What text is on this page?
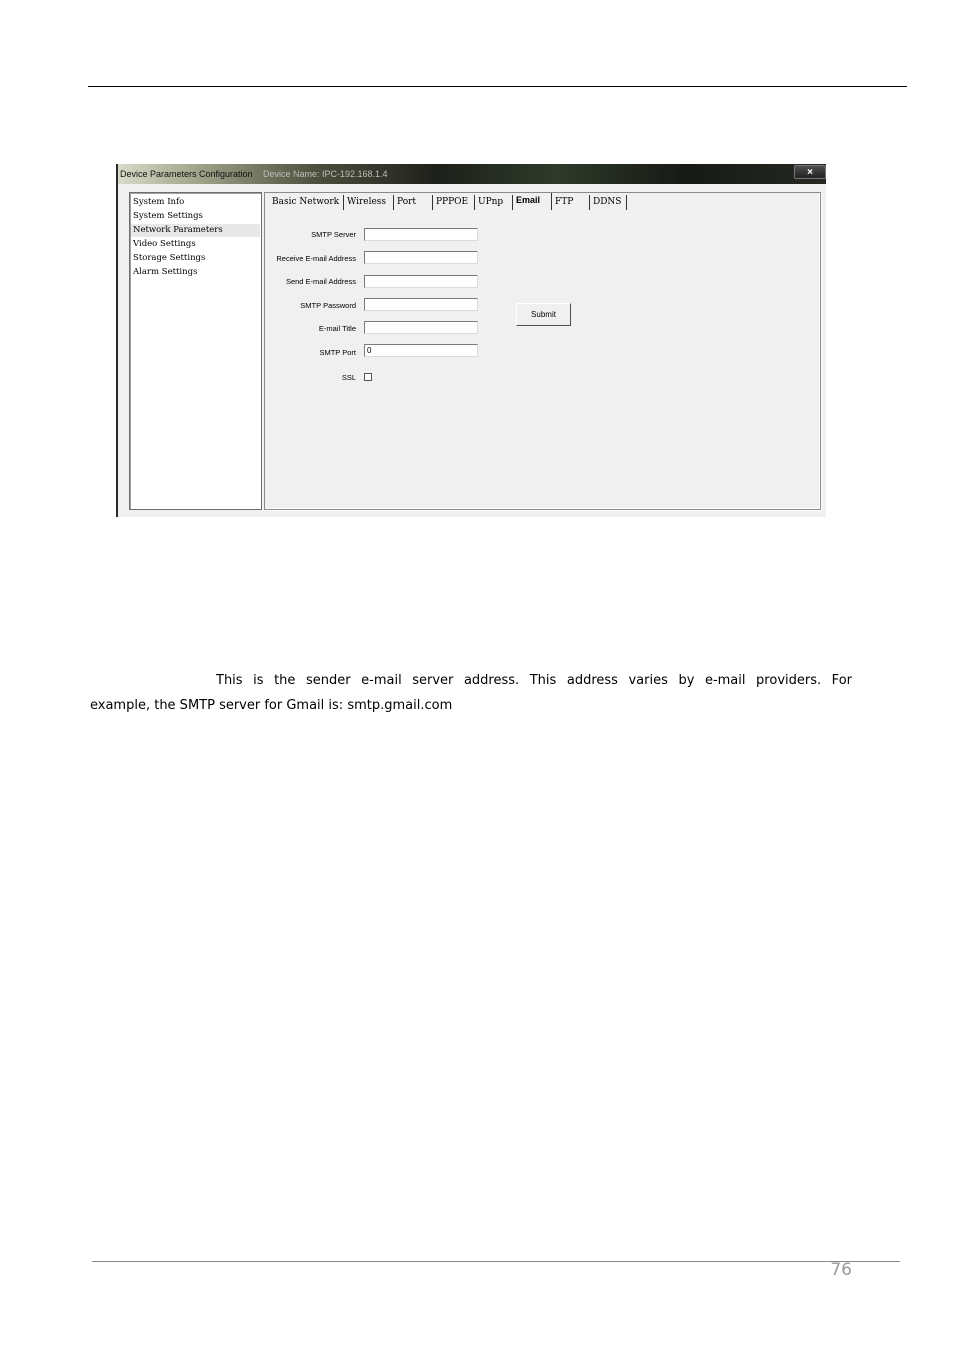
Device Parameters Configuration Device Name: IPC-192.168.1.4	×
System Info
System Settings
Network Parameters
Video Settings
Storage Settings
Alarm Settings
Basic Network Wireless	Port	PPPOE	UPnp	Email	FTP	DDNS
SMTP Server
Receive E-mail Address
Send E-mail Address
SMTP Password
E-mail Title
SMTP Port	0
SSL
Submit
This is the sender e-mail server address. This address varies by e-mail providers. For
example, the SMTP server for Gmail is: smtp.gmail.com
76
